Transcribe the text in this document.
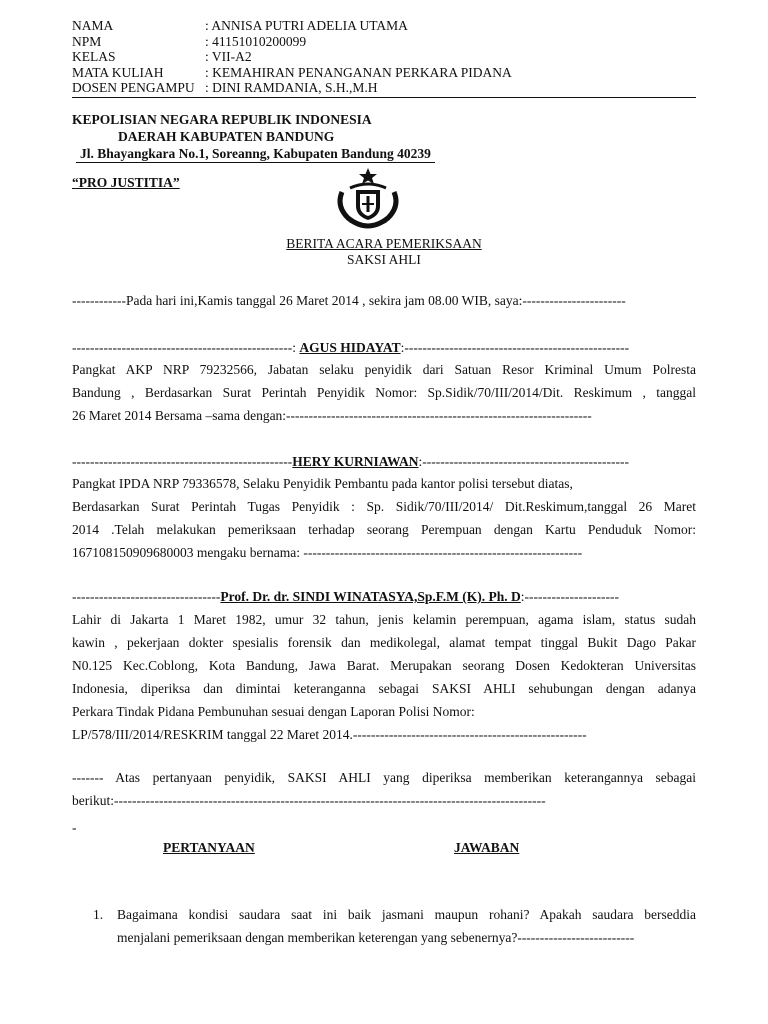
NAMA	: ANNISA PUTRI ADELIA UTAMA
NPM	: 41151010200099
KELAS	: VII-A2
MATA KULIAH	: KEMAHIRAN PENANGANAN PERKARA PIDANA
DOSEN PENGAMPU : DINI RAMDANIA, S.H.,M.H
KEPOLISIAN NEGARA REPUBLIK INDONESIA
DAERAH KABUPATEN BANDUNG
Jl. Bhayangkara No.1, Soreanng, Kabupaten Bandung 40239
“PRO JUSTITIA”
BERITA ACARA PEMERIKSAAN
SAKSI AHLI
------------Pada hari ini,Kamis tanggal 26 Maret 2014 , sekira jam 08.00 WIB, saya:-----------------------
-------------------------------------------------: AGUS HIDAYAT:--------------------------------------------------
Pangkat AKP NRP 79232566, Jabatan selaku penyidik dari Satuan Resor Kriminal Umum Polresta
Bandung , Berdasarkan Surat Perintah Penyidik Nomor: Sp.Sidik/70/III/2014/Dit. Reskimum , tanggal
26 Maret 2014 Bersama –sama dengan:--------------------------------------------------------------------
-------------------------------------------------HERY KURNIAWAN:----------------------------------------------
Pangkat IPDA NRP 79336578, Selaku Penyidik Pembantu pada kantor polisi tersebut diatas,
Berdasarkan Surat Perintah Tugas Penyidik : Sp. Sidik/70/III/2014/ Dit.Reskimum,tanggal 26 Maret
2014 .Telah melakukan pemeriksaan terhadap seorang Perempuan dengan Kartu Penduduk Nomor:
167108150909680003 mengaku bernama: --------------------------------------------------------------
---------------------------------Prof. Dr. dr. SINDI WINATASYA,Sp.F.M (K). Ph. D:---------------------
Lahir di Jakarta 1 Maret 1982, umur 32 tahun, jenis kelamin perempuan, agama islam, status sudah
kawin , pekerjaan dokter spesialis forensik dan medikolegal, alamat tempat tinggal Bukit Dago Pakar
N0.125 Kec.Coblong, Kota Bandung, Jawa Barat. Merupakan seorang Dosen Kedokteran Universitas
Indonesia, diperiksa dan dimintai keteranganna sebagai SAKSI AHLI sehubungan dengan adanya
Perkara Tindak Pidana Pembunuhan sesuai dengan Laporan Polisi Nomor:
LP/578/III/2014/RESKRIM tanggal 22 Maret 2014.----------------------------------------------------
------- Atas pertanyaan penyidik, SAKSI AHLI yang diperiksa memberikan keterangannya sebagai
berikut:------------------------------------------------------------------------------------------------
-
PERTANYAAN	JAWABAN
1. Bagaimana kondisi saudara saat ini baik jasmani maupun rohani? Apakah saudara berseddia
menjalani pemeriksaan dengan memberikan keterengan yang sebenernya?--------------------------
